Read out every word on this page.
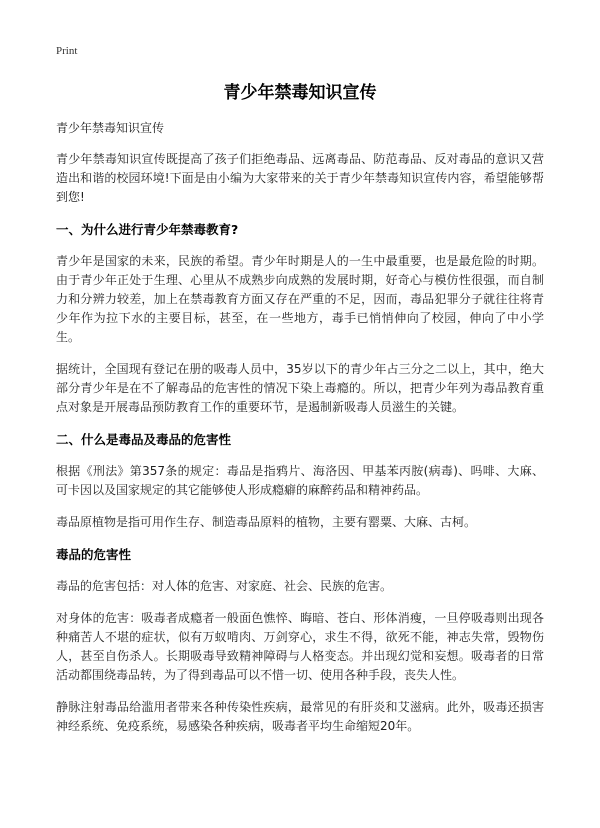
Print
青少年禁毒知识宣传

青少年禁毒知识宣传

青少年禁毒知识宣传既提高了孩子们拒绝毒品、远离毒品、防范毒品、反对毒品的意识又营造出和谐的校园环境!下面是由小编为大家带来的关于青少年禁毒知识宣传内容，希望能够帮到您!

一、为什么进行青少年禁毒教育?

青少年是国家的未来，民族的希望。青少年时期是人的一生中最重要，也是最危险的时期。由于青少年正处于生理、心里从不成熟步向成熟的发展时期，好奇心与模仿性很强，而自制力和分辨力较差，加上在禁毒教育方面又存在严重的不足，因而，毒品犯罪分子就往往将青少年作为拉下水的主要目标，甚至，在一些地方，毒手已悄悄伸向了校园，伸向了中小学生。

据统计，全国现有登记在册的吸毒人员中，35岁以下的青少年占三分之二以上，其中，绝大部分青少年是在不了解毒品的危害性的情况下染上毒瘾的。所以，把青少年列为毒品教育重点对象是开展毒品预防教育工作的重要环节，是遏制新吸毒人员滋生的关键。

二、什么是毒品及毒品的危害性

根据《刑法》第357条的规定：毒品是指鸦片、海洛因、甲基苯丙胺(病毒)、吗啡、大麻、可卡因以及国家规定的其它能够使人形成瘾癖的麻醉药品和精神药品。

毒品原植物是指可用作生存、制造毒品原料的植物，主要有罂粟、大麻、古柯。

毒品的危害性

毒品的危害包括：对人体的危害、对家庭、社会、民族的危害。

对身体的危害：吸毒者成瘾者一般面色憔悴、晦暗、苍白、形体消瘦，一旦停吸毒则出现各种痛苦人不堪的症状，似有万蚁啃肉、万剑穿心，求生不得，欲死不能，神志失常，毁物伤人，甚至自伤杀人。长期吸毒导致精神障碍与人格变态。并出现幻觉和妄想。吸毒者的日常活动都围绕毒品转，为了得到毒品可以不惜一切、使用各种手段，丧失人性。

静脉注射毒品给滥用者带来各种传染性疾病，最常见的有肝炎和艾滋病。此外，吸毒还损害神经系统、免疫系统，易感染各种疾病，吸毒者平均生命缩短20年。
